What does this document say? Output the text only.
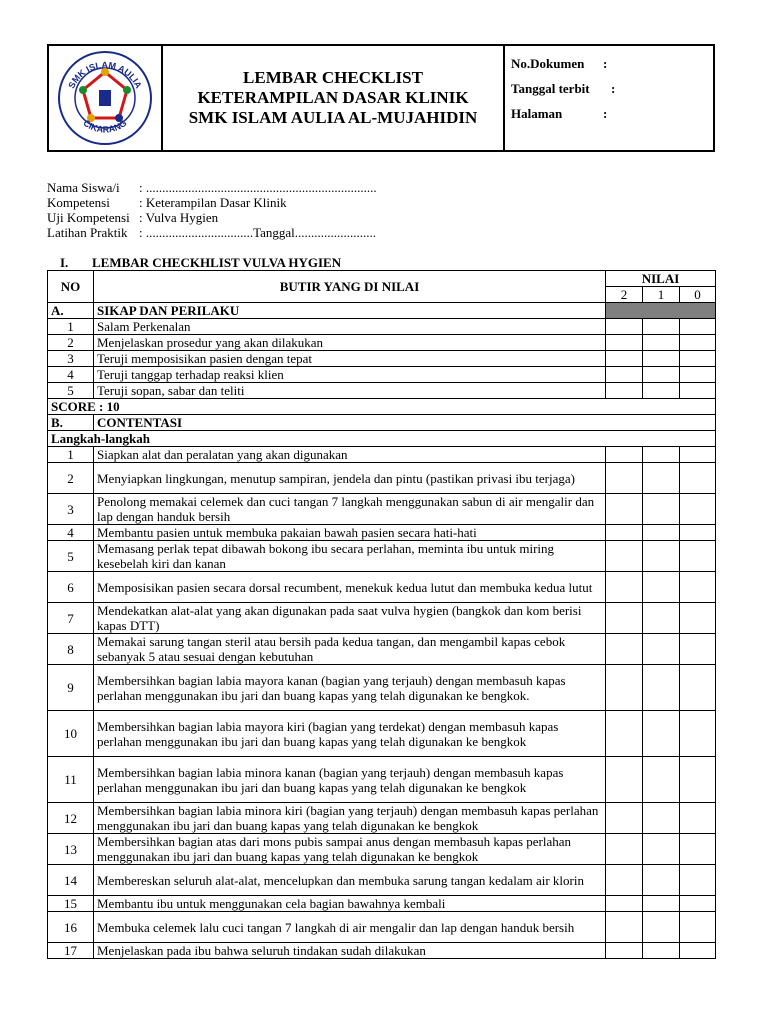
SMK ISLAM AULIA
CIKARANG
LEMBAR CHECKLIST
KETERAMPILAN DASAR KLINIK
SMK ISLAM AULIA AL-MUJAHIDIN
No.Dokumen :
Tanggal terbit :
Halaman	:
Nama Siswa/i	: .......................................................................
Kompetensi	: Keterampilan Dasar Klinik
Uji Kompetensi : Vulva Hygien
Latihan Praktik : .................................Tanggal.........................
I. LEMBAR CHECKHLIST VULVA HYGIEN
NO	BUTIR YANG DI NILAI	NILAI		
		2	1	0
A.	SIKAP DAN PERILAKU			
1	Salam Perkenalan			
2	Menjelaskan prosedur yang akan dilakukan			
3	Teruji memposisikan pasien dengan tepat			
4	Teruji tanggap terhadap reaksi klien			
5	Teruji sopan, sabar dan teliti			
SCORE : 10				
B.	CONTENTASI			
Langkah-langkah				
1	Siapkan alat dan peralatan yang akan digunakan			
2	Menyiapkan lingkungan, menutup sampiran, jendela dan pintu (pastikan privasi ibu terjaga)			
3	Penolong memakai celemek dan cuci tangan 7 langkah menggunakan sabun di air mengalir dan lap dengan handuk bersih			
4	Membantu pasien untuk membuka pakaian bawah pasien secara hati-hati			
5	Memasang perlak tepat dibawah bokong ibu secara perlahan, meminta ibu untuk miring kesebelah kiri dan kanan			
6	Memposisikan pasien secara dorsal recumbent, menekuk kedua lutut dan membuka kedua lutut			
7	Mendekatkan alat-alat yang akan digunakan pada saat vulva hygien (bangkok dan kom berisi kapas DTT)			
8	Memakai sarung tangan steril atau bersih pada kedua tangan, dan mengambil kapas cebok sebanyak 5 atau sesuai dengan kebutuhan			
9	Membersihkan bagian labia mayora kanan (bagian yang terjauh) dengan membasuh kapas perlahan menggunakan ibu jari dan buang kapas yang telah digunakan ke bengkok.			
10	Membersihkan bagian labia mayora kiri (bagian yang terdekat) dengan membasuh kapas perlahan menggunakan ibu jari dan buang kapas yang telah digunakan ke bengkok			
11	Membersihkan bagian labia minora kanan (bagian yang terjauh) dengan membasuh kapas perlahan menggunakan ibu jari dan buang kapas yang telah digunakan ke bengkok			
12	Membersihkan bagian labia minora kiri (bagian yang terjauh) dengan membasuh kapas perlahan menggunakan ibu jari dan buang kapas yang telah digunakan ke bengkok			
13	Membersihkan bagian atas dari mons pubis sampai anus dengan membasuh kapas perlahan menggunakan ibu jari dan buang kapas yang telah digunakan ke bengkok			
14	Membereskan seluruh alat-alat, mencelupkan dan membuka sarung tangan kedalam air klorin			
15	Membantu ibu untuk menggunakan cela bagian bawahnya kembali			
16	Membuka celemek lalu cuci tangan 7 langkah di air mengalir dan lap dengan handuk bersih			
17	Menjelaskan pada ibu bahwa seluruh tindakan sudah dilakukan			
